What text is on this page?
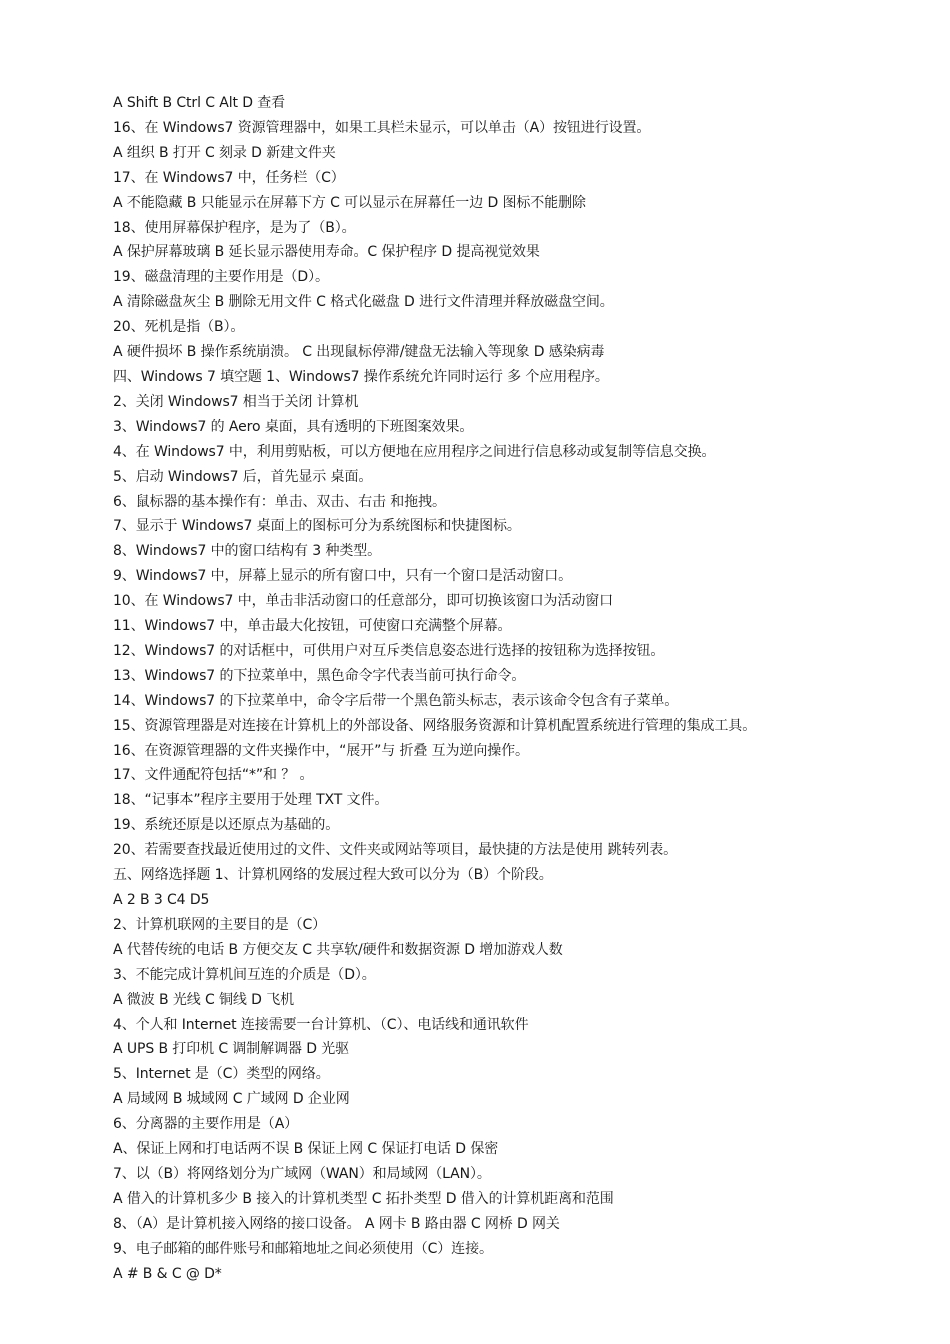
A Shift B Ctrl C Alt D 查看
16、在 Windows7 资源管理器中，如果工具栏未显示，可以单击（A）按钮进行设置。
A 组织 B 打开 C 刻录 D 新建文件夹
17、在 Windows7 中，任务栏（C）
A 不能隐藏 B 只能显示在屏幕下方 C 可以显示在屏幕任一边 D 图标不能删除
18、使用屏幕保护程序，是为了（B）。
A 保护屏幕玻璃 B 延长显示器使用寿命。C 保护程序 D 提高视觉效果
19、磁盘清理的主要作用是（D）。
A 清除磁盘灰尘 B 删除无用文件 C 格式化磁盘 D 进行文件清理并释放磁盘空间。
20、死机是指（B）。
A 硬件损坏 B 操作系统崩溃。 C 出现鼠标停滞/键盘无法输入等现象 D 感染病毒
四、Windows 7 填空题 1、Windows7 操作系统允许同时运行 多 个应用程序。
2、关闭 Windows7 相当于关闭 计算机
3、Windows7 的 Aero 桌面，具有透明的下班图案效果。
4、在 Windows7 中，利用剪贴板，可以方便地在应用程序之间进行信息移动或复制等信息交换。
5、启动 Windows7 后，首先显示 桌面。
6、鼠标器的基本操作有：单击、双击、右击 和拖拽。
7、显示于 Windows7 桌面上的图标可分为系统图标和快捷图标。
8、Windows7 中的窗口结构有 3 种类型。
9、Windows7 中，屏幕上显示的所有窗口中，只有一个窗口是活动窗口。
10、在 Windows7 中，单击非活动窗口的任意部分，即可切换该窗口为活动窗口
11、Windows7 中，单击最大化按钮，可使窗口充满整个屏幕。
12、Windows7 的对话框中，可供用户对互斥类信息姿态进行选择的按钮称为选择按钮。
13、Windows7 的下拉菜单中，黑色命令字代表当前可执行命令。
14、Windows7 的下拉菜单中，命令字后带一个黑色箭头标志，表示该命令包含有子菜单。
15、资源管理器是对连接在计算机上的外部设备、网络服务资源和计算机配置系统进行管理的集成工具。
16、在资源管理器的文件夹操作中，“展开”与 折叠 互为逆向操作。
17、文件通配符包括“*”和 ？ 。
18、“记事本”程序主要用于处理 TXT 文件。
19、系统还原是以还原点为基础的。
20、若需要查找最近使用过的文件、文件夹或网站等项目，最快捷的方法是使用 跳转列表。
五、网络选择题 1、计算机网络的发展过程大致可以分为（B）个阶段。
A 2 B 3 C4 D5
2、计算机联网的主要目的是（C）
A 代替传统的电话 B 方便交友 C 共享软/硬件和数据资源 D 增加游戏人数
3、不能完成计算机间互连的介质是（D）。
A 微波 B 光线 C 铜线 D 飞机
4、个人和 Internet 连接需要一台计算机、（C）、电话线和通讯软件
A UPS B 打印机 C 调制解调器 D 光驱
5、Internet 是（C）类型的网络。
A 局域网 B 城域网 C 广域网 D 企业网
6、分离器的主要作用是（A）
A、保证上网和打电话两不误 B 保证上网 C 保证打电话 D 保密
7、以（B）将网络划分为广域网（WAN）和局域网（LAN）。
A 借入的计算机多少 B 接入的计算机类型 C 拓扑类型 D 借入的计算机距离和范围
8、（A）是计算机接入网络的接口设备。 A 网卡 B 路由器 C 网桥 D 网关
9、电子邮箱的邮件账号和邮箱地址之间必须使用（C）连接。
A # B & C @ D*
